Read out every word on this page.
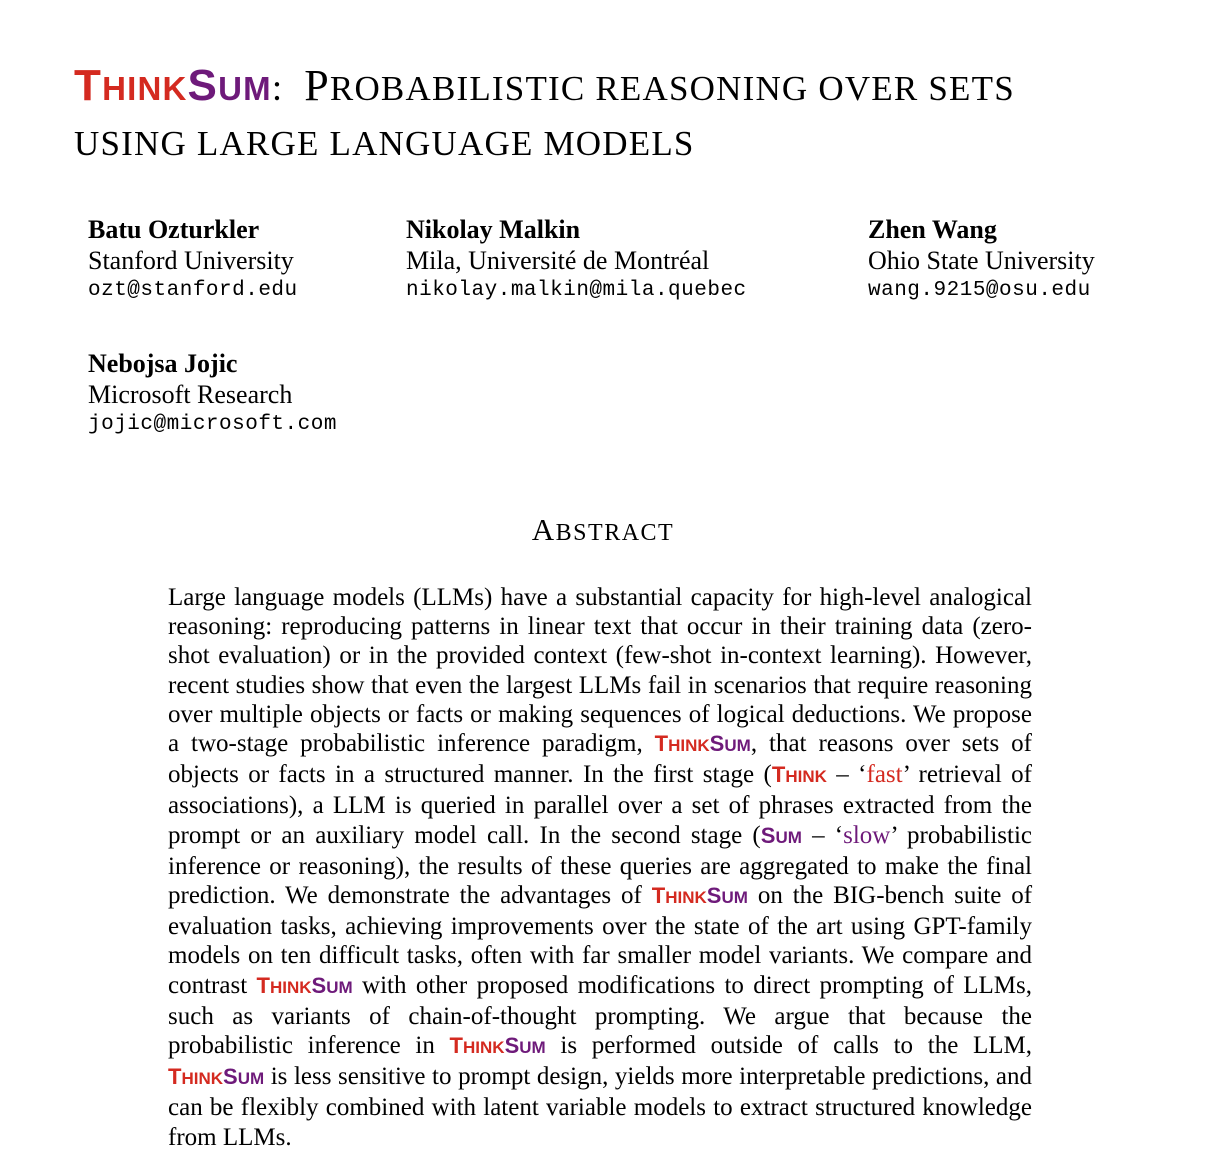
THINKSUM: PROBABILISTIC REASONING OVER SETS
USING LARGE LANGUAGE MODELS
Batu Ozturkler
Stanford University
ozt@stanford.edu
Nikolay Malkin
Mila, Université de Montréal
nikolay.malkin@mila.quebec
Zhen Wang
Ohio State University
wang.9215@osu.edu
Nebojsa Jojic
Microsoft Research
jojic@microsoft.com
ABSTRACT

Large language models (LLMs) have a substantial capacity for high-level analogical reasoning: reproducing patterns in linear text that occur in their training data (zero-shot evaluation) or in the provided context (few-shot in-context learning). However, recent studies show that even the largest LLMs fail in scenarios that require reasoning over multiple objects or facts or making sequences of logical deductions. We propose a two-stage probabilistic inference paradigm, THINKSUM, that reasons over sets of objects or facts in a structured manner. In the first stage (THINK – ‘fast’ retrieval of associations), a LLM is queried in parallel over a set of phrases extracted from the prompt or an auxiliary model call. In the second stage (SUM – ‘slow’ probabilistic inference or reasoning), the results of these queries are aggregated to make the final prediction. We demonstrate the advantages of THINKSUM on the BIG-bench suite of evaluation tasks, achieving improvements over the state of the art using GPT-family models on ten difficult tasks, often with far smaller model variants. We compare and contrast THINKSUM with other proposed modifications to direct prompting of LLMs, such as variants of chain-of-thought prompting. We argue that because the probabilistic inference in THINKSUM is performed outside of calls to the LLM, THINKSUM is less sensitive to prompt design, yields more interpretable predictions, and can be flexibly combined with latent variable models to extract structured knowledge from LLMs.
